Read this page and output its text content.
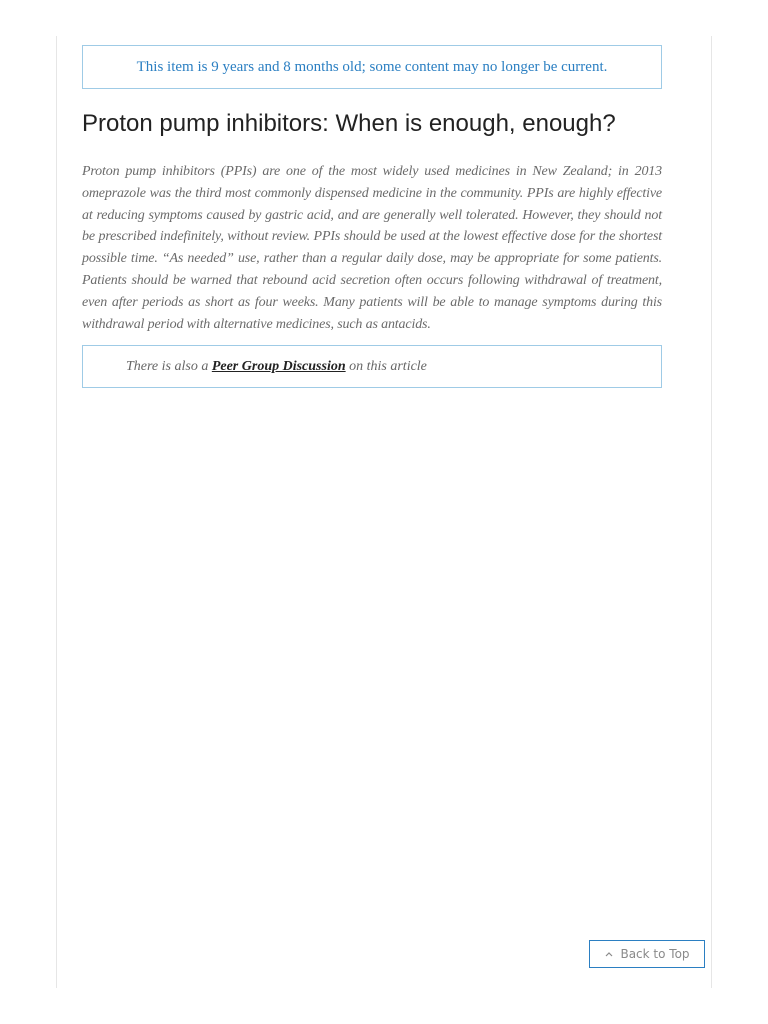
This item is 9 years and 8 months old; some content may no longer be current.
Proton pump inhibitors: When is enough, enough?

Proton pump inhibitors (PPIs) are one of the most widely used medicines in New Zealand; in 2013 omeprazole was the third most commonly dispensed medicine in the community. PPIs are highly effective at reducing symptoms caused by gastric acid, and are generally well tolerated. However, they should not be prescribed indefinitely, without review. PPIs should be used at the lowest effective dose for the shortest possible time. “As needed” use, rather than a regular daily dose, may be appropriate for some patients. Patients should be warned that rebound acid secretion often occurs following withdrawal of treatment, even after periods as short as four weeks. Many patients will be able to manage symptoms during this withdrawal period with alternative medicines, such as antacids.

There is also a Peer Group Discussion on this article
Back to Top
